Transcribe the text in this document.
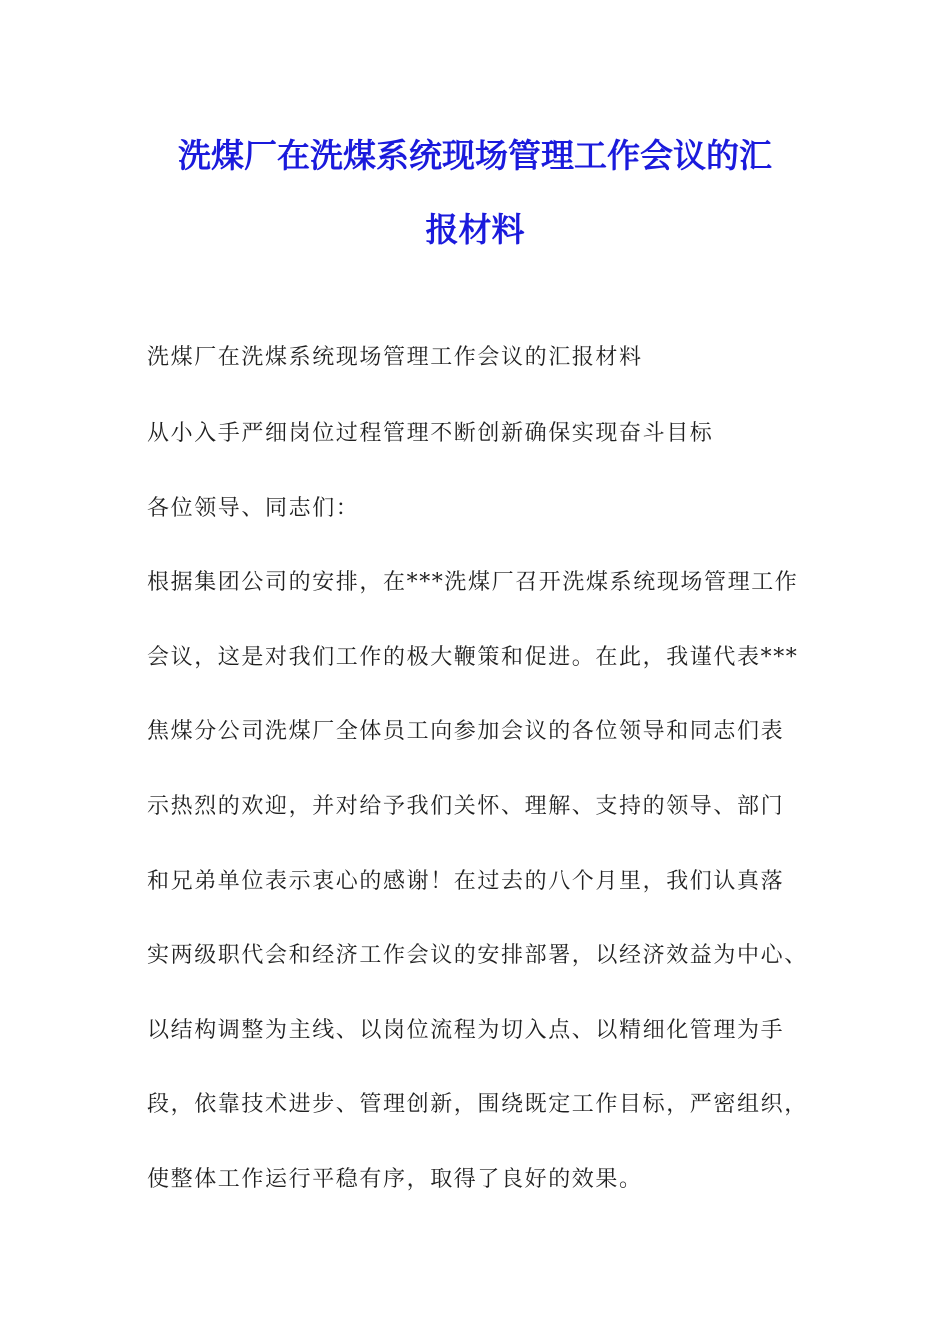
洗煤厂在洗煤系统现场管理工作会议的汇
报材料
洗煤厂在洗煤系统现场管理工作会议的汇报材料
从小入手严细岗位过程管理不断创新确保实现奋斗目标
各位领导、同志们：
根据集团公司的安排，在***洗煤厂召开洗煤系统现场管理工作
会议，这是对我们工作的极大鞭策和促进。在此，我谨代表***
焦煤分公司洗煤厂全体员工向参加会议的各位领导和同志们表
示热烈的欢迎，并对给予我们关怀、理解、支持的领导、部门
和兄弟单位表示衷心的感谢！在过去的八个月里，我们认真落
实两级职代会和经济工作会议的安排部署，以经济效益为中心、
以结构调整为主线、以岗位流程为切入点、以精细化管理为手
段，依靠技术进步、管理创新，围绕既定工作目标，严密组织，
使整体工作运行平稳有序，取得了良好的效果。
